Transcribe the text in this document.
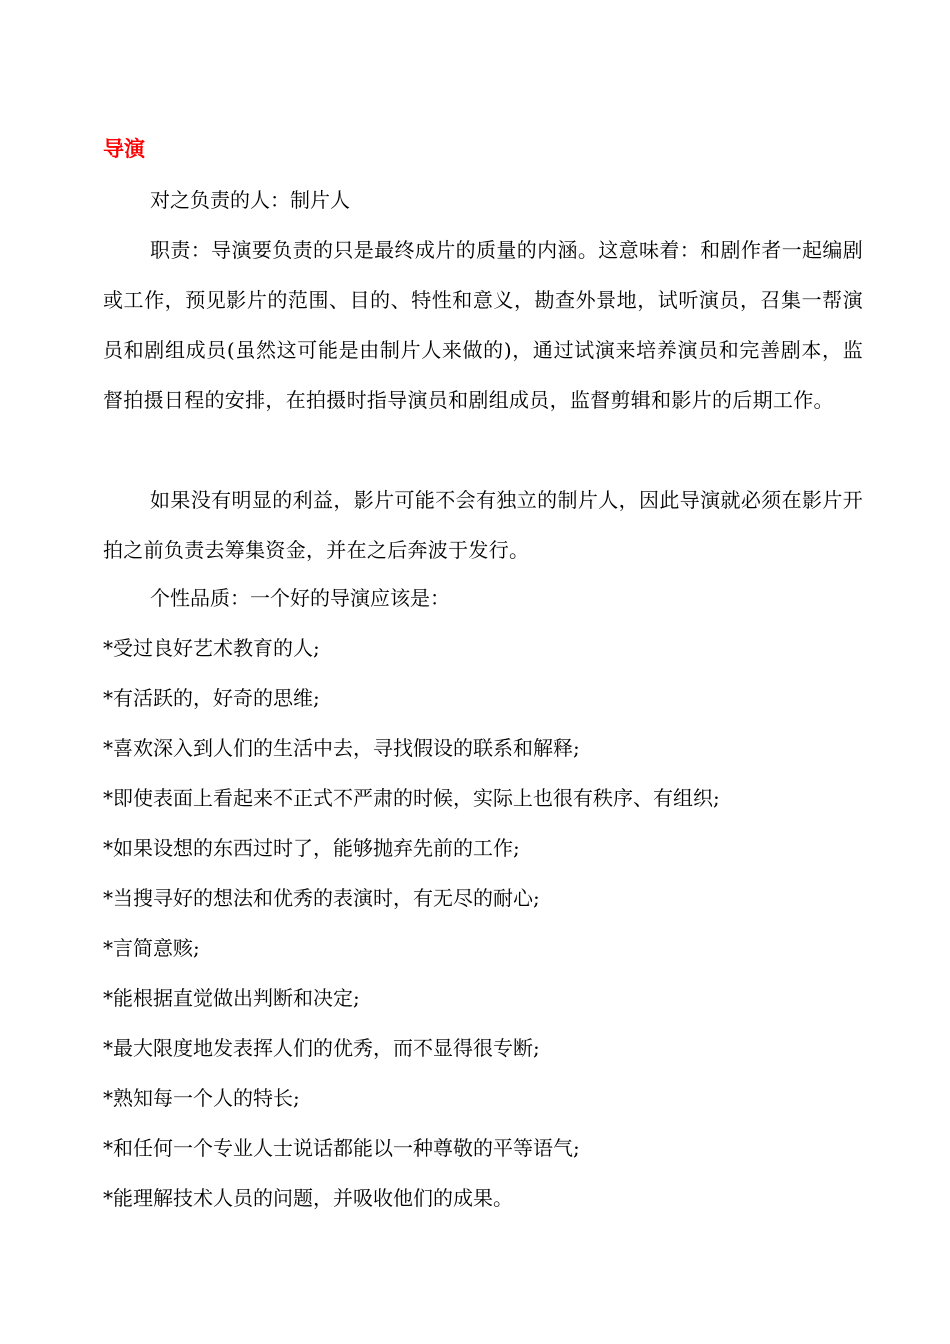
导演
对之负责的人：制片人
职责：导演要负责的只是最终成片的质量的内涵。这意味着：和剧作者一起编剧或工作，预见影片的范围、目的、特性和意义，勘查外景地，试听演员，召集一帮演员和剧组成员(虽然这可能是由制片人来做的)，通过试演来培养演员和完善剧本，监督拍摄日程的安排，在拍摄时指导演员和剧组成员，监督剪辑和影片的后期工作。
如果没有明显的利益，影片可能不会有独立的制片人，因此导演就必须在影片开拍之前负责去筹集资金，并在之后奔波于发行。
个性品质：一个好的导演应该是：
*受过良好艺术教育的人;
*有活跃的，好奇的思维;
*喜欢深入到人们的生活中去，寻找假设的联系和解释;
*即使表面上看起来不正式不严肃的时候，实际上也很有秩序、有组织;
*如果设想的东西过时了，能够抛弃先前的工作;
*当搜寻好的想法和优秀的表演时，有无尽的耐心;
*言简意赅;
*能根据直觉做出判断和决定;
*最大限度地发表挥人们的优秀，而不显得很专断;
*熟知每一个人的特长;
*和任何一个专业人士说话都能以一种尊敬的平等语气;
*能理解技术人员的问题，并吸收他们的成果。
